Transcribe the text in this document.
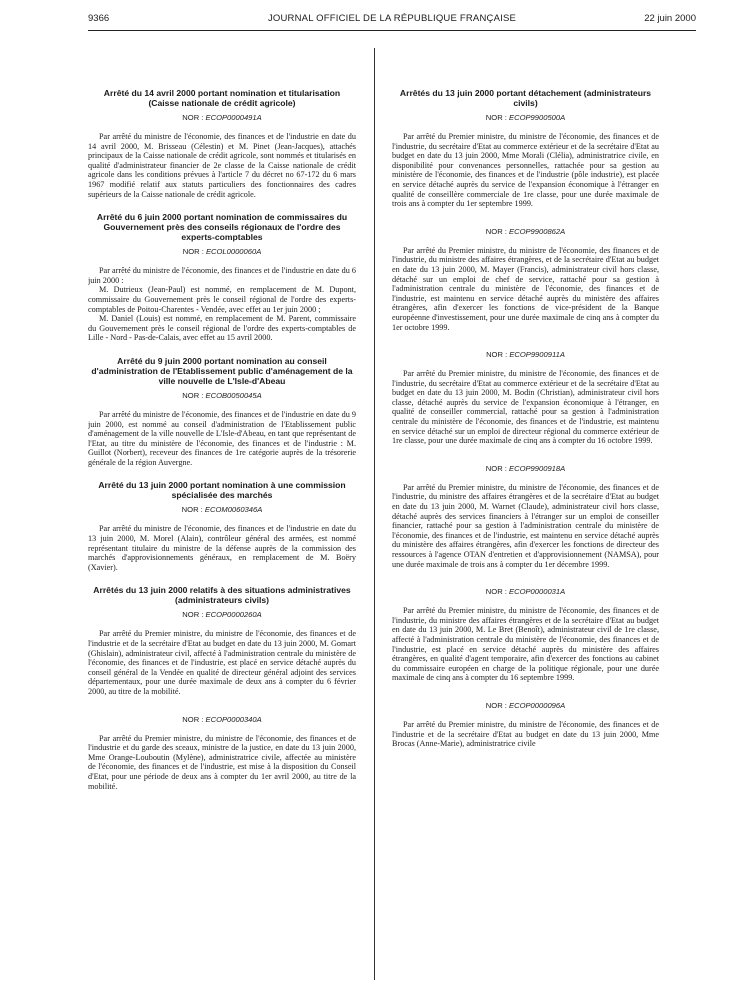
9366	JOURNAL OFFICIEL DE LA RÉPUBLIQUE FRANÇAISE	22 juin 2000

Arrêté du 14 avril 2000 portant nomination et titularisation (Caisse nationale de crédit agricole)

NOR : ECOP0000491A

Par arrêté du ministre de l'économie, des finances et de l'industrie en date du 14 avril 2000, M. Brisseau (Célestin) et M. Pinet (Jean-Jacques), attachés principaux de la Caisse nationale de crédit agricole, sont nommés et titularisés en qualité d'administrateur financier de 2e classe de la Caisse nationale de crédit agricole dans les conditions prévues à l'article 7 du décret no 67-172 du 6 mars 1967 modifié relatif aux statuts particuliers des fonctionnaires des cadres supérieurs de la Caisse nationale de crédit agricole.

Arrêté du 6 juin 2000 portant nomination de commissaires du Gouvernement près des conseils régionaux de l'ordre des experts-comptables

NOR : ECOL0000060A

Par arrêté du ministre de l'économie, des finances et de l'industrie en date du 6 juin 2000 :

M. Dutrieux (Jean-Paul) est nommé, en remplacement de M. Dupont, commissaire du Gouvernement près le conseil régional de l'ordre des experts-comptables de Poitou-Charentes - Vendée, avec effet au 1er juin 2000 ;

M. Daniel (Louis) est nommé, en remplacement de M. Parent, commissaire du Gouvernement près le conseil régional de l'ordre des experts-comptables de Lille - Nord - Pas-de-Calais, avec effet au 15 avril 2000.

Arrêté du 9 juin 2000 portant nomination au conseil d'administration de l'Etablissement public d'aménagement de la ville nouvelle de L'Isle-d'Abeau

NOR : ECOB0050045A

Par arrêté du ministre de l'économie, des finances et de l'industrie en date du 9 juin 2000, est nommé au conseil d'administration de l'Etablissement public d'aménagement de la ville nouvelle de L'Isle-d'Abeau, en tant que représentant de l'Etat, au titre du ministère de l'économie, des finances et de l'industrie : M. Guillot (Norbert), receveur des finances de 1re catégorie auprès de la trésorerie générale de la région Auvergne.

Arrêté du 13 juin 2000 portant nomination à une commission spécialisée des marchés

NOR : ECOM0060346A

Par arrêté du ministre de l'économie, des finances et de l'industrie en date du 13 juin 2000, M. Morel (Alain), contrôleur général des armées, est nommé représentant titulaire du ministre de la défense auprès de la commission des marchés d'approvisionnements généraux, en remplacement de M. Boëry (Xavier).

Arrêtés du 13 juin 2000 relatifs à des situations administratives (administrateurs civils)

NOR : ECOP0000260A

Par arrêté du Premier ministre, du ministre de l'économie, des finances et de l'industrie et de la secrétaire d'Etat au budget en date du 13 juin 2000, M. Gomart (Ghislain), administrateur civil, affecté à l'administration centrale du ministère de l'économie, des finances et de l'industrie, est placé en service détaché auprès du conseil général de la Vendée en qualité de directeur général adjoint des services départementaux, pour une durée maximale de deux ans à compter du 6 février 2000, au titre de la mobilité.

NOR : ECOP0000340A

Par arrêté du Premier ministre, du ministre de l'économie, des finances et de l'industrie et du garde des sceaux, ministre de la justice, en date du 13 juin 2000, Mme Orange-Louboutin (Mylène), administratrice civile, affectée au ministère de l'économie, des finances et de l'industrie, est mise à la disposition du Conseil d'Etat, pour une période de deux ans à compter du 1er avril 2000, au titre de la mobilité.

Arrêtés du 13 juin 2000 portant détachement (administrateurs civils)

NOR : ECOP9900500A

Par arrêté du Premier ministre, du ministre de l'économie, des finances et de l'industrie, du secrétaire d'Etat au commerce extérieur et de la secrétaire d'Etat au budget en date du 13 juin 2000, Mme Morali (Clélia), administratrice civile, en disponibilité pour convenances personnelles, rattachée pour sa gestion au ministère de l'économie, des finances et de l'industrie (pôle industrie), est placée en service détaché auprès du service de l'expansion économique à l'étranger en qualité de conseillère commerciale de 1re classe, pour une durée maximale de trois ans à compter du 1er septembre 1999.

NOR : ECOP9900862A

Par arrêté du Premier ministre, du ministre de l'économie, des finances et de l'industrie, du ministre des affaires étrangères, et de la secrétaire d'Etat au budget en date du 13 juin 2000, M. Mayer (Francis), administrateur civil hors classe, détaché sur un emploi de chef de service, rattaché pour sa gestion à l'administration centrale du ministère de l'économie, des finances et de l'industrie, est maintenu en service détaché auprès du ministère des affaires étrangères, afin d'exercer les fonctions de vice-président de la Banque européenne d'investissement, pour une durée maximale de cinq ans à compter du 1er octobre 1999.

NOR : ECOP9900911A

Par arrêté du Premier ministre, du ministre de l'économie, des finances et de l'industrie, du secrétaire d'Etat au commerce extérieur et de la secrétaire d'Etat au budget en date du 13 juin 2000, M. Bodin (Christian), administrateur civil hors classe, détaché auprès du service de l'expansion économique à l'étranger, en qualité de conseiller commercial, rattaché pour sa gestion à l'administration centrale du ministère de l'économie, des finances et de l'industrie, est maintenu en service détaché sur un emploi de directeur régional du commerce extérieur de 1re classe, pour une durée maximale de cinq ans à compter du 16 octobre 1999.

NOR : ECOP9900918A

Par arrêté du Premier ministre, du ministre de l'économie, des finances et de l'industrie, du ministre des affaires étrangères et de la secrétaire d'Etat au budget en date du 13 juin 2000, M. Warnet (Claude), administrateur civil hors classe, détaché auprès des services financiers à l'étranger sur un emploi de conseiller financier, rattaché pour sa gestion à l'administration centrale du ministère de l'économie, des finances et de l'industrie, est maintenu en service détaché auprès du ministère des affaires étrangères, afin d'exercer les fonctions de directeur des ressources à l'agence OTAN d'entretien et d'approvisionnement (NAMSA), pour une durée maximale de trois ans à compter du 1er décembre 1999.

NOR : ECOP0000031A

Par arrêté du Premier ministre, du ministre de l'économie, des finances et de l'industrie, du ministre des affaires étrangères et de la secrétaire d'Etat au budget en date du 13 juin 2000, M. Le Bret (Benoît), administrateur civil de 1re classe, affecté à l'administration centrale du ministère de l'économie, des finances et de l'industrie, est placé en service détaché auprès du ministère des affaires étrangères, en qualité d'agent temporaire, afin d'exercer des fonctions au cabinet du commissaire européen en charge de la politique régionale, pour une durée maximale de cinq ans à compter du 16 septembre 1999.

NOR : ECOP0000096A

Par arrêté du Premier ministre, du ministre de l'économie, des finances et de l'industrie et de la secrétaire d'Etat au budget en date du 13 juin 2000, Mme Brocas (Anne-Marie), administratrice civile
